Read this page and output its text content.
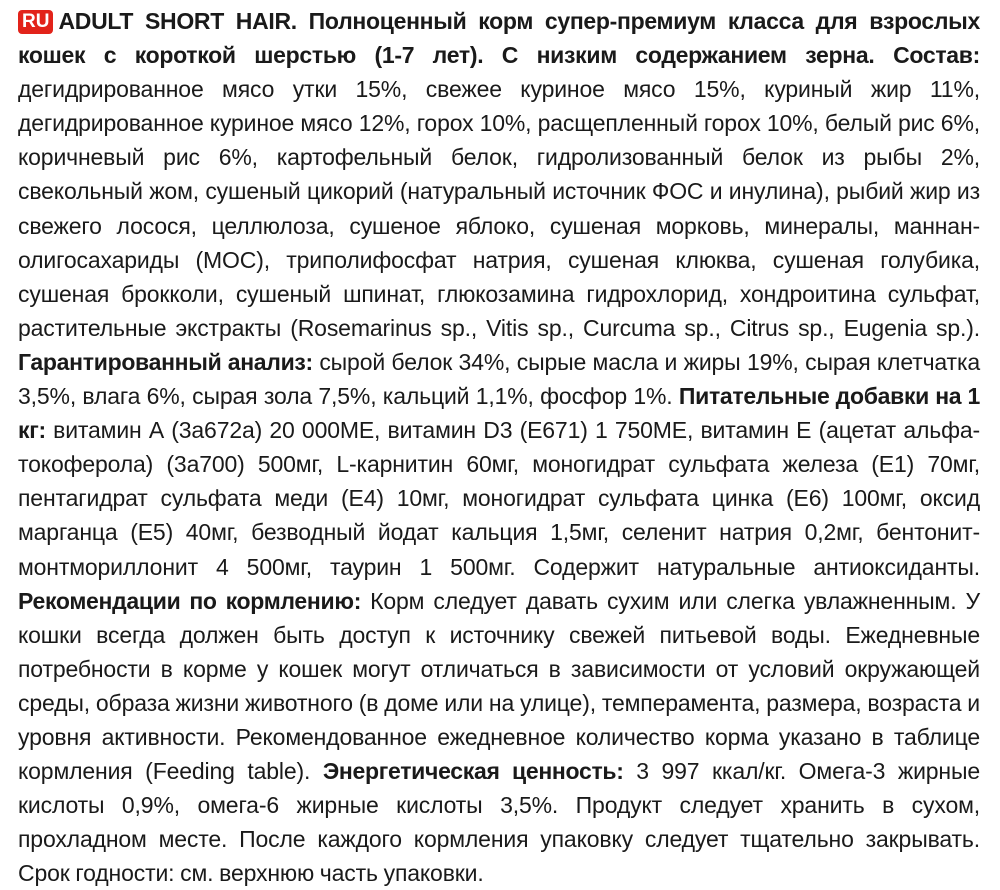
RU ADULT SHORT HAIR. Полноценный корм супер-премиум класса для взрослых кошек с короткой шерстью (1-7 лет). С низким содержанием зерна. Состав: дегидрированное мясо утки 15%, свежее куриное мясо 15%, куриный жир 11%, дегидрированное куриное мясо 12%, горох 10%, расщепленный горох 10%, белый рис 6%, коричневый рис 6%, картофельный белок, гидролизованный белок из рыбы 2%, свекольный жом, сушеный цикорий (натуральный источник ФОС и инулина), рыбий жир из свежего лосося, целлюлоза, сушеное яблоко, сушеная морковь, минералы, маннан-олигосахариды (МОС), триполифосфат натрия, сушеная клюква, сушеная голубика, сушеная брокколи, сушеный шпинат, глюкозамина гидрохлорид, хондроитина сульфат, растительные экстракты (Rosemarinus sp., Vitis sp., Curcuma sp., Citrus sp., Eugenia sp.). Гарантированный анализ: сырой белок 34%, сырые масла и жиры 19%, сырая клетчатка 3,5%, влага 6%, сырая зола 7,5%, кальций 1,1%, фосфор 1%. Питательные добавки на 1 кг: витамин А (3а672а) 20 000МЕ, витамин D3 (Е671) 1 750МЕ, витамин Е (ацетат альфа-токоферола) (3а700) 500мг, L-карнитин 60мг, моногидрат сульфата железа (Е1) 70мг, пентагидрат сульфата меди (Е4) 10мг, моногидрат сульфата цинка (Е6) 100мг, оксид марганца (Е5) 40мг, безводный йодат кальция 1,5мг, селенит натрия 0,2мг, бентонит-монтмориллонит 4 500мг, таурин 1 500мг. Содержит натуральные антиоксиданты. Рекомендации по кормлению: Корм следует давать сухим или слегка увлажненным. У кошки всегда должен быть доступ к источнику свежей питьевой воды. Ежедневные потребности в корме у кошек могут отличаться в зависимости от условий окружающей среды, образа жизни животного (в доме или на улице), темперамента, размера, возраста и уровня активности. Рекомендованное ежедневное количество корма указано в таблице кормления (Feeding table). Энергетическая ценность: 3 997 ккал/кг. Омега-3 жирные кислоты 0,9%, омега-6 жирные кислоты 3,5%. Продукт следует хранить в сухом, прохладном месте. После каждого кормления упаковку следует тщательно закрывать. Срок годности: см. верхнюю часть упаковки.
